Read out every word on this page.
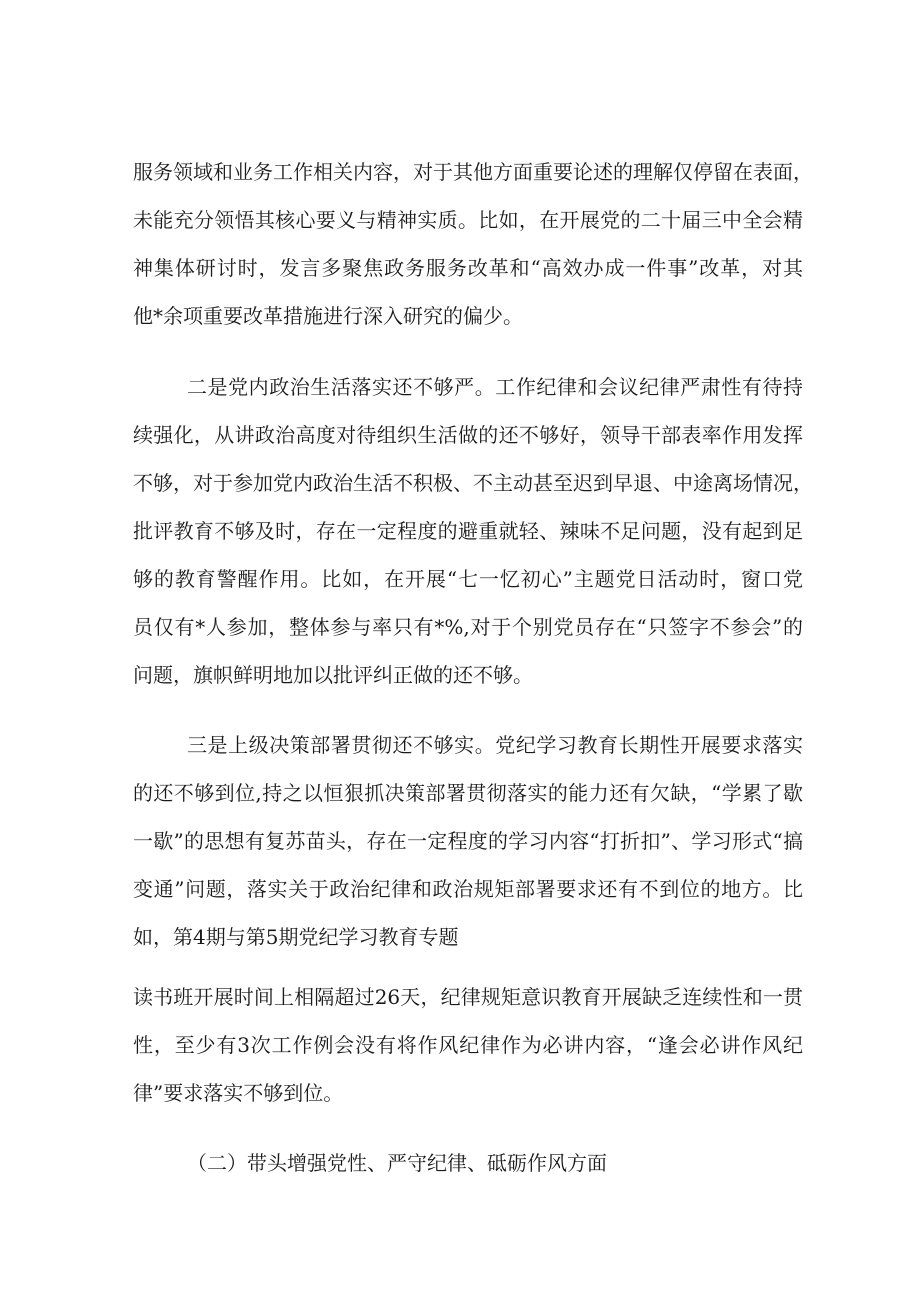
服务领域和业务工作相关内容，对于其他方面重要论述的理解仅停留在表面，
未能充分领悟其核心要义与精神实质。比如，在开展党的二十届三中全会精
神集体研讨时，发言多聚焦政务服务改革和“高效办成一件事”改革，对其
他*余项重要改革措施进行深入研究的偏少。
二是党内政治生活落实还不够严。工作纪律和会议纪律严肃性有待持
续强化，从讲政治高度对待组织生活做的还不够好，领导干部表率作用发挥
不够，对于参加党内政治生活不积极、不主动甚至迟到早退、中途离场情况，
批评教育不够及时，存在一定程度的避重就轻、辣味不足问题，没有起到足
够的教育警醒作用。比如，在开展“七一忆初心”主题党日活动时，窗口党
员仅有*人参加，整体参与率只有*%,对于个别党员存在“只签字不参会”的
问题，旗帜鲜明地加以批评纠正做的还不够。
三是上级决策部署贯彻还不够实。党纪学习教育长期性开展要求落实
的还不够到位,持之以恒狠抓决策部署贯彻落实的能力还有欠缺，“学累了歇
一歇”的思想有复苏苗头，存在一定程度的学习内容“打折扣”、学习形式“搞
变通”问题，落实关于政治纪律和政治规矩部署要求还有不到位的地方。比
如，第4期与第5期党纪学习教育专题
读书班开展时间上相隔超过26天，纪律规矩意识教育开展缺乏连续性和一贯
性，至少有3次工作例会没有将作风纪律作为必讲内容，“逢会必讲作风纪
律”要求落实不够到位。
（二）带头增强党性、严守纪律、砥砺作风方面
